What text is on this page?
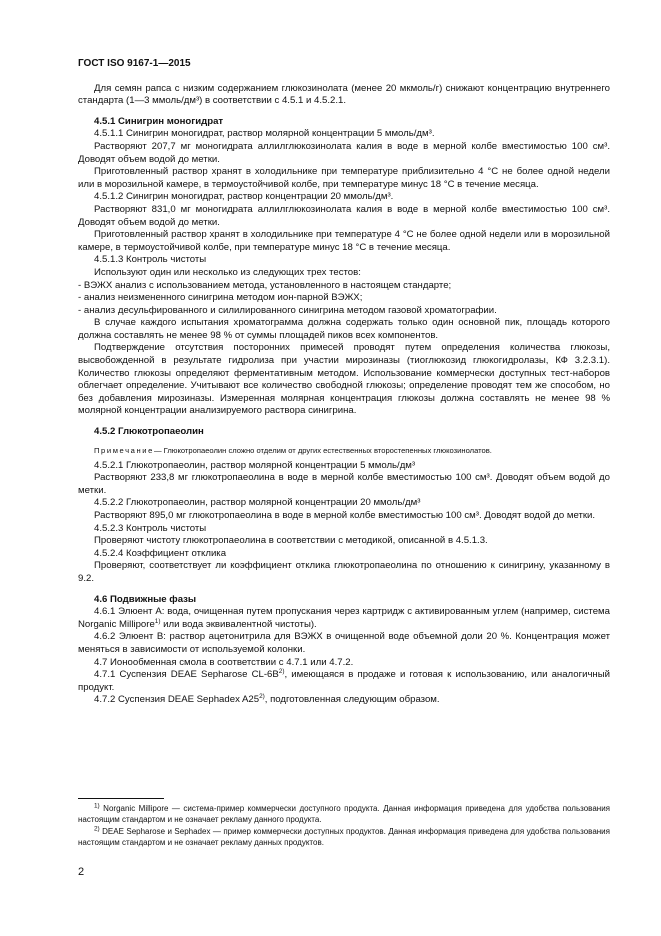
ГОСТ ISO 9167-1—2015

Для семян рапса с низким содержанием глюкозинолата (менее 20 мкмоль/г) снижают концентрацию внутреннего стандарта (1—3 ммоль/дм³) в соответствии с 4.5.1 и 4.5.2.1.

4.5.1 Синигрин моногидрат

4.5.1.1 Синигрин моногидрат, раствор молярной концентрации 5 ммоль/дм³.

Растворяют 207,7 мг моногидрата аллилглюкозинолата калия в воде в мерной колбе вместимостью 100 см³. Доводят объем водой до метки.

Приготовленный раствор хранят в холодильнике при температуре приблизительно 4 °С не более одной недели или в морозильной камере, в термоустойчивой колбе, при температуре минус 18 °С в течение месяца.

4.5.1.2 Синигрин моногидрат, раствор концентрации 20 ммоль/дм³.

Растворяют 831,0 мг моногидрата аллилглюкозинолата калия в воде в мерной колбе вместимостью 100 см³. Доводят объем водой до метки.

Приготовленный раствор хранят в холодильнике при температуре 4 °С не более одной недели или в морозильной камере, в термоустойчивой колбе, при температуре минус 18 °С в течение месяца.

4.5.1.3 Контроль чистоты

Используют один или несколько из следующих трех тестов:

- ВЭЖХ анализ с использованием метода, установленного в настоящем стандарте;

- анализ неизмененного синигрина методом ион-парной ВЭЖХ;

- анализ десульфированного и силилированного синигрина методом газовой хроматографии.

В случае каждого испытания хроматограмма должна содержать только один основной пик, площадь которого должна составлять не менее 98 % от суммы площадей пиков всех компонентов.

Подтверждение отсутствия посторонних примесей проводят путем определения количества глюкозы, высвобожденной в результате гидролиза при участии мирозиназы (тиоглюкозид глюкогидролазы, КФ 3.2.3.1). Количество глюкозы определяют ферментативным методом. Использование коммерчески доступных тест-наборов облегчает определение. Учитывают все количество свободной глюкозы; определение проводят тем же способом, но без добавления мирозиназы. Измеренная молярная концентрация глюкозы должна составлять не менее 98 % молярной концентрации анализируемого раствора синигрина.

4.5.2 Глюкотропаеолин
Примечание— Глюкотропаеолин сложно отделим от других естественных второстепенных глюкозинолатов.

4.5.2.1 Глюкотропаеолин, раствор молярной концентрации 5 ммоль/дм³

Растворяют 233,8 мг глюкотропаеолина в воде в мерной колбе вместимостью 100 см³. Доводят объем водой до метки.

4.5.2.2 Глюкотропаеолин, раствор молярной концентрации 20 ммоль/дм³

Растворяют 895,0 мг глюкотропаеолина в воде в мерной колбе вместимостью 100 см³. Доводят водой до метки.

4.5.2.3 Контроль чистоты

Проверяют чистоту глюкотропаеолина в соответствии с методикой, описанной в 4.5.1.3.

4.5.2.4 Коэффициент отклика

Проверяют, соответствует ли коэффициент отклика глюкотропаеолина по отношению к синигрину, указанному в 9.2.

4.6 Подвижные фазы

4.6.1 Элюент А: вода, очищенная путем пропускания через картридж с активированным углем (например, система Norganic Millipore$^{1)}$ или вода эквивалентной чистоты).

4.6.2 Элюент В: раствор ацетонитрила для ВЭЖХ в очищенной воде объемной доли 20 %. Концентрация может меняться в зависимости от используемой колонки.

4.7 Ионообменная смола в соответствии с 4.7.1 или 4.7.2.

4.7.1 Суспензия DEAE Sepharose $CL-6B^{2)}$, имеющаяся в продаже и готовая к использованию, или аналогичный продукт.

4.7.2 Суспензия DEAE Sephadex A25$^{2)}$, подготовленная следующим образом.

$^{1)}$ Norganic Millipore — система-пример коммерчески доступного продукта. Данная информация приведена для удобства пользования настоящим стандартом и не означает рекламу данного продукта.

$^{2)}$ DEAE Sepharose и Sephadex — пример коммерчески доступных продуктов. Данная информация приведена для удобства пользования настоящим стандартом и не означает рекламу данных продуктов.

2
